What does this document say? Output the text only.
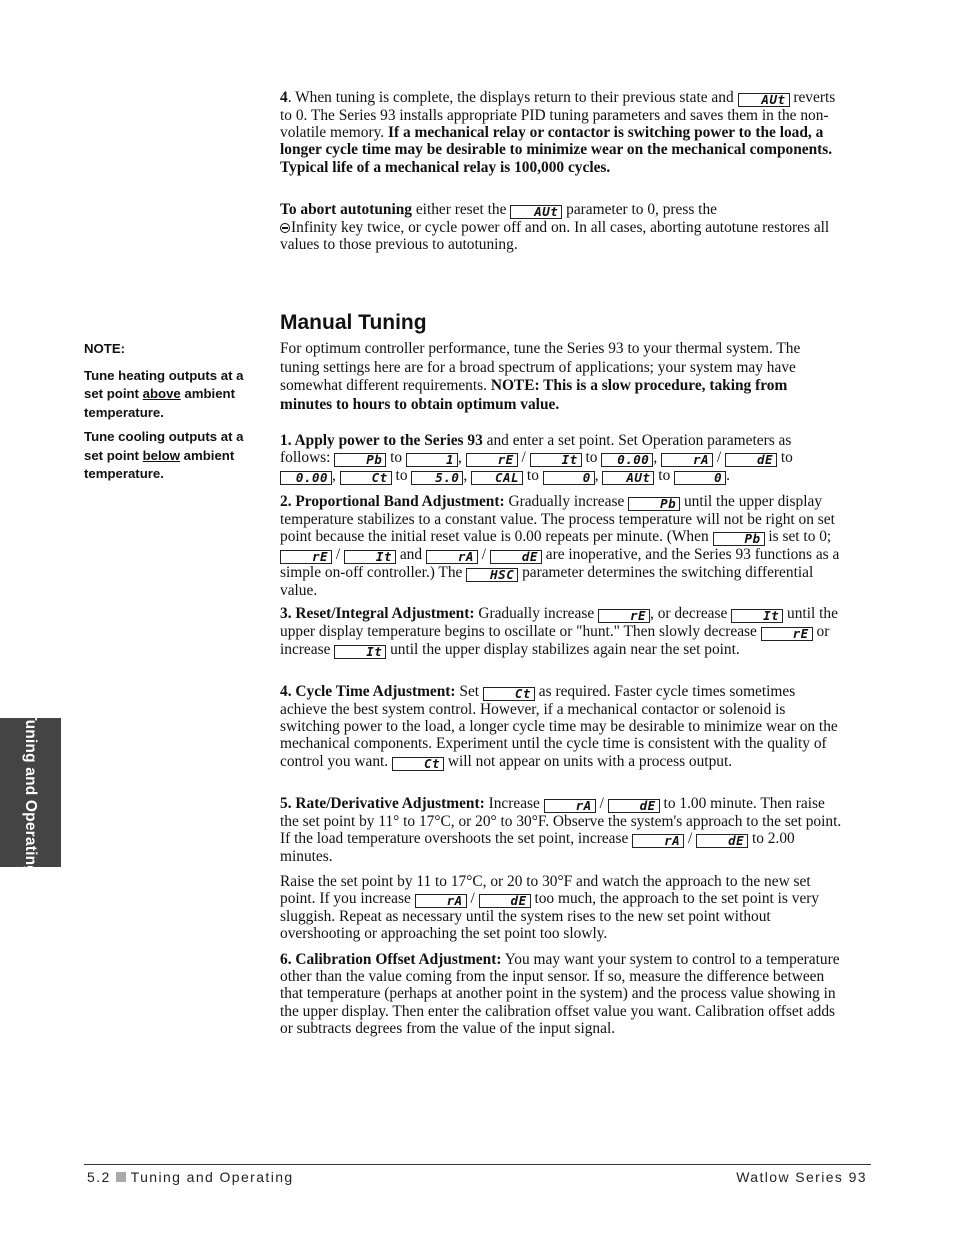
4. When tuning is complete, the displays return to their previous state and AUt reverts to 0. The Series 93 installs appropriate PID tuning parameters and saves them in the non-volatile memory. If a mechanical relay or contactor is switching power to the load, a longer cycle time may be desirable to minimize wear on the mechanical components. Typical life of a mechanical relay is 100,000 cycles.

To abort autotuning either reset the AUt parameter to 0, press the
Infinity key twice, or cycle power off and on. In all cases, aborting autotune restores all values to those previous to autotuning.

Manual Tuning

NOTE:

Tune heating outputs at a set point above ambient temperature.

Tune cooling outputs at a set point below ambient temperature.

For optimum controller performance, tune the Series 93 to your thermal system. The tuning settings here are for a broad spectrum of applications; your system may have somewhat different requirements. NOTE: This is a slow procedure, taking from minutes to hours to obtain optimum value.

1. Apply power to the Series 93 and enter a set point. Set Operation parameters as follows:	Pb to	1 ,	rE /	It to 0.00 ,	rA /	dE to 0.00 ,	Ct to 5.0 , CAL to	0 , AUt to	0 .

2. Proportional Band Adjustment: Gradually increase	Pb until the upper display temperature stabilizes to a constant value. The process temperature will not be right on set point because the initial reset value is 0.00 repeats per minute. (When	Pb is set to 0; rE /	It and	rA /	dE are inoperative, and the Series 93 functions as a simple on-off controller.) The HSC parameter determines the switching differential value.

3. Reset/Integral Adjustment: Gradually increase	rE , or decrease	It until the upper display temperature begins to oscillate or "hunt." Then slowly decrease	rE or increase	It until the upper display stabilizes again near the set point.

4. Cycle Time Adjustment: Set	Ct as required. Faster cycle times sometimes achieve the best system control. However, if a mechanical contactor or solenoid is switching power to the load, a longer cycle time may be desirable to minimize wear on the mechanical components. Experiment until the cycle time is consistent with the quality of control you want.	Ct will not appear on units with a process output.

5. Rate/Derivative Adjustment: Increase	rA /	dE to 1.00 minute. Then raise the set point by 11° to 17°C, or 20° to 30°F. Observe the system's approach to the set point. If the load temperature overshoots the set point, increase	rA /	dE to 2.00 minutes.

Raise the set point by 11 to 17°C, or 20 to 30°F and watch the approach to the new set point. If you increase	rA /	dE too much, the approach to the set point is very sluggish. Repeat as necessary until the system rises to the new set point without overshooting or approaching the set point too slowly.

6. Calibration Offset Adjustment: You may want your system to control to a temperature other than the value coming from the input sensor. If so, measure the difference between that temperature (perhaps at another point in the system) and the process value showing in the upper display. Then enter the calibration offset value you want. Calibration offset adds or subtracts degrees from the value of the input signal.

Tuning and Operating
5.2 Tuning and Operating	Watlow Series 93
